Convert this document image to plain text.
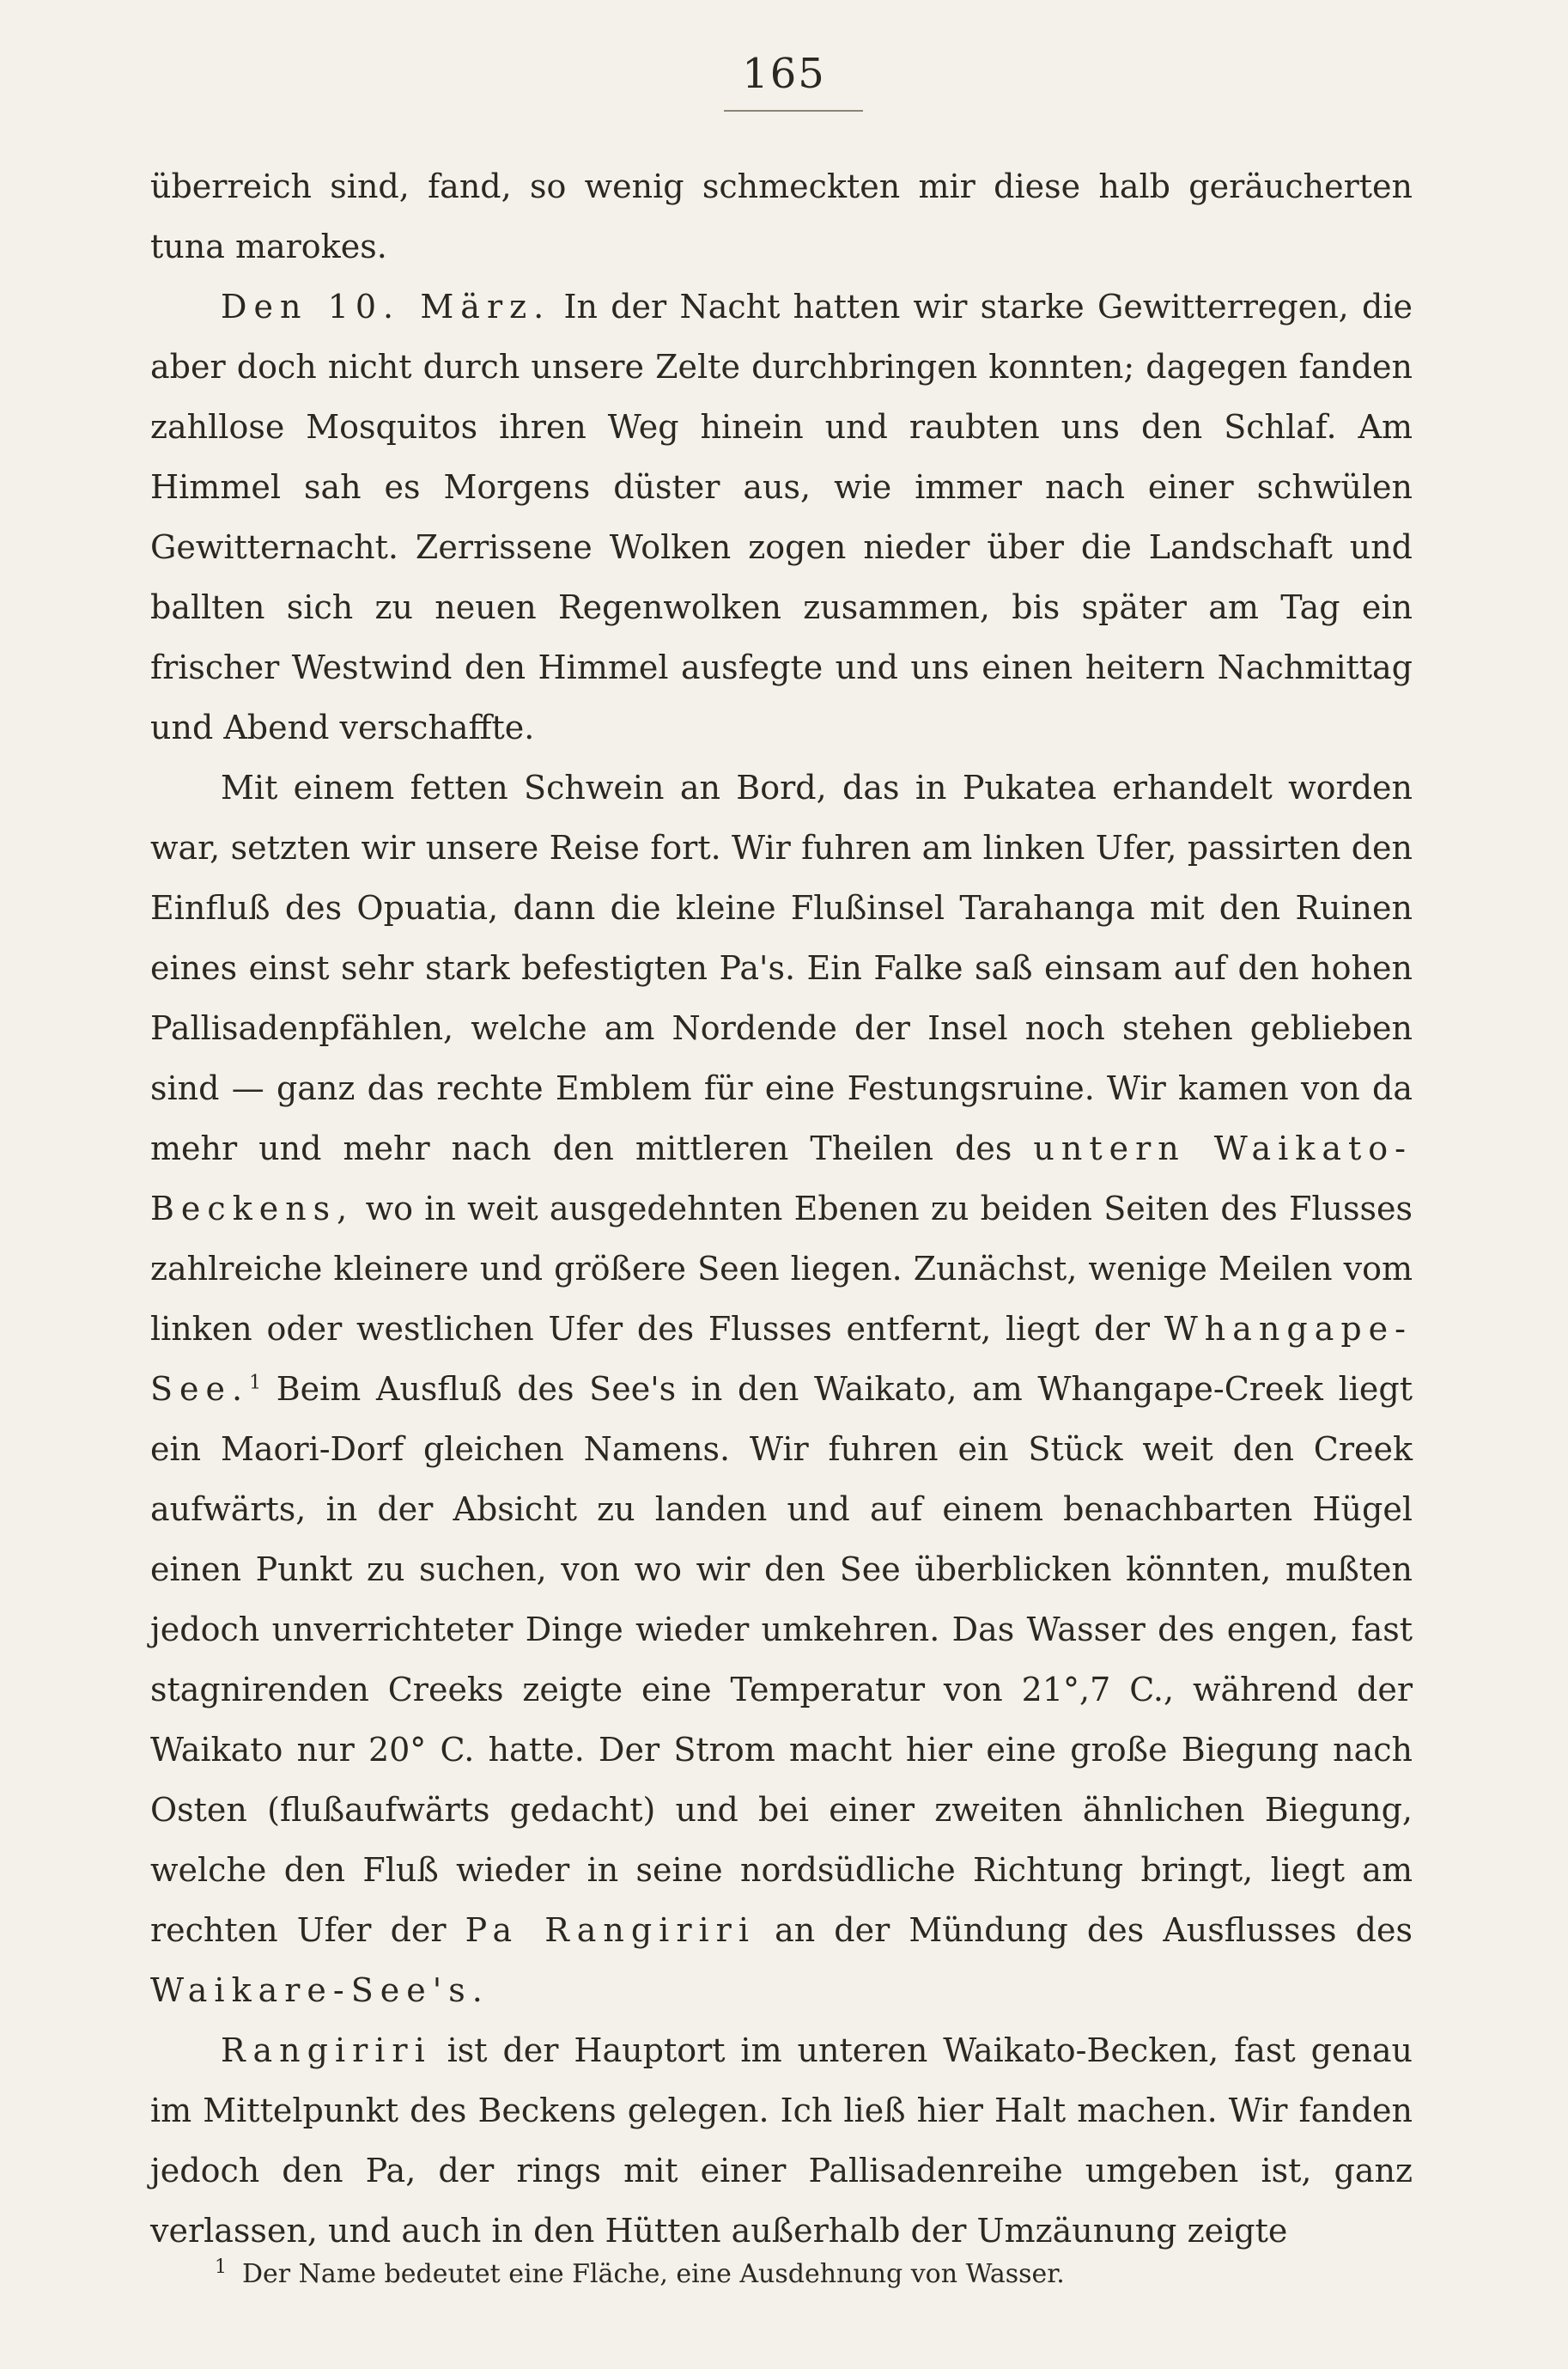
165

überreich sind, fand, so wenig schmeckten mir diese halb geräucherten tuna marokes.

Den 10. März. In der Nacht hatten wir starke Gewitterregen, die aber doch nicht durch unsere Zelte durchbringen konnten; dagegen fanden zahllose Mosquitos ihren Weg hinein und raubten uns den Schlaf. Am Himmel sah es Morgens düster aus, wie immer nach einer schwülen Gewitternacht. Zerrissene Wolken zogen nieder über die Landschaft und ballten sich zu neuen Regenwolken zusammen, bis später am Tag ein frischer Westwind den Himmel ausfegte und uns einen heitern Nachmittag und Abend verschaffte.

Mit einem fetten Schwein an Bord, das in Pukatea erhandelt worden war, setzten wir unsere Reise fort. Wir fuhren am linken Ufer, passirten den Einfluß des Opuatia, dann die kleine Flußinsel Tarahanga mit den Ruinen eines einst sehr stark befestigten Pa's. Ein Falke saß einsam auf den hohen Pallisadenpfählen, welche am Nordende der Insel noch stehen geblieben sind — ganz das rechte Emblem für eine Festungsruine. Wir kamen von da mehr und mehr nach den mittleren Theilen des untern Waikato-Beckens, wo in weit ausgedehnten Ebenen zu beiden Seiten des Flusses zahlreiche kleinere und größere Seen liegen. Zunächst, wenige Meilen vom linken oder westlichen Ufer des Flusses entfernt, liegt der Whangape-See.$^1$ Beim Ausfluß des See's in den Waikato, am Whangape-Creek liegt ein Maori-Dorf gleichen Namens. Wir fuhren ein Stück weit den Creek aufwärts, in der Absicht zu landen und auf einem benachbarten Hügel einen Punkt zu suchen, von wo wir den See überblicken könnten, mußten jedoch unverrichteter Dinge wieder umkehren. Das Wasser des engen, fast stagnirenden Creeks zeigte eine Temperatur von 21°,7 C., während der Waikato nur 20° C. hatte. Der Strom macht hier eine große Biegung nach Osten (flußaufwärts gedacht) und bei einer zweiten ähnlichen Biegung, welche den Fluß wieder in seine nordsüdliche Richtung bringt, liegt am rechten Ufer der Pa Rangiriri an der Mündung des Ausflusses des Waikare-See's.

Rangiriri ist der Hauptort im unteren Waikato-Becken, fast genau im Mittelpunkt des Beckens gelegen. Ich ließ hier Halt machen. Wir fanden jedoch den Pa, der rings mit einer Pallisadenreihe umgeben ist, ganz verlassen, und auch in den Hütten außerhalb der Umzäunung zeigte

$^1$ Der Name bedeutet eine Fläche, eine Ausdehnung von Wasser.
